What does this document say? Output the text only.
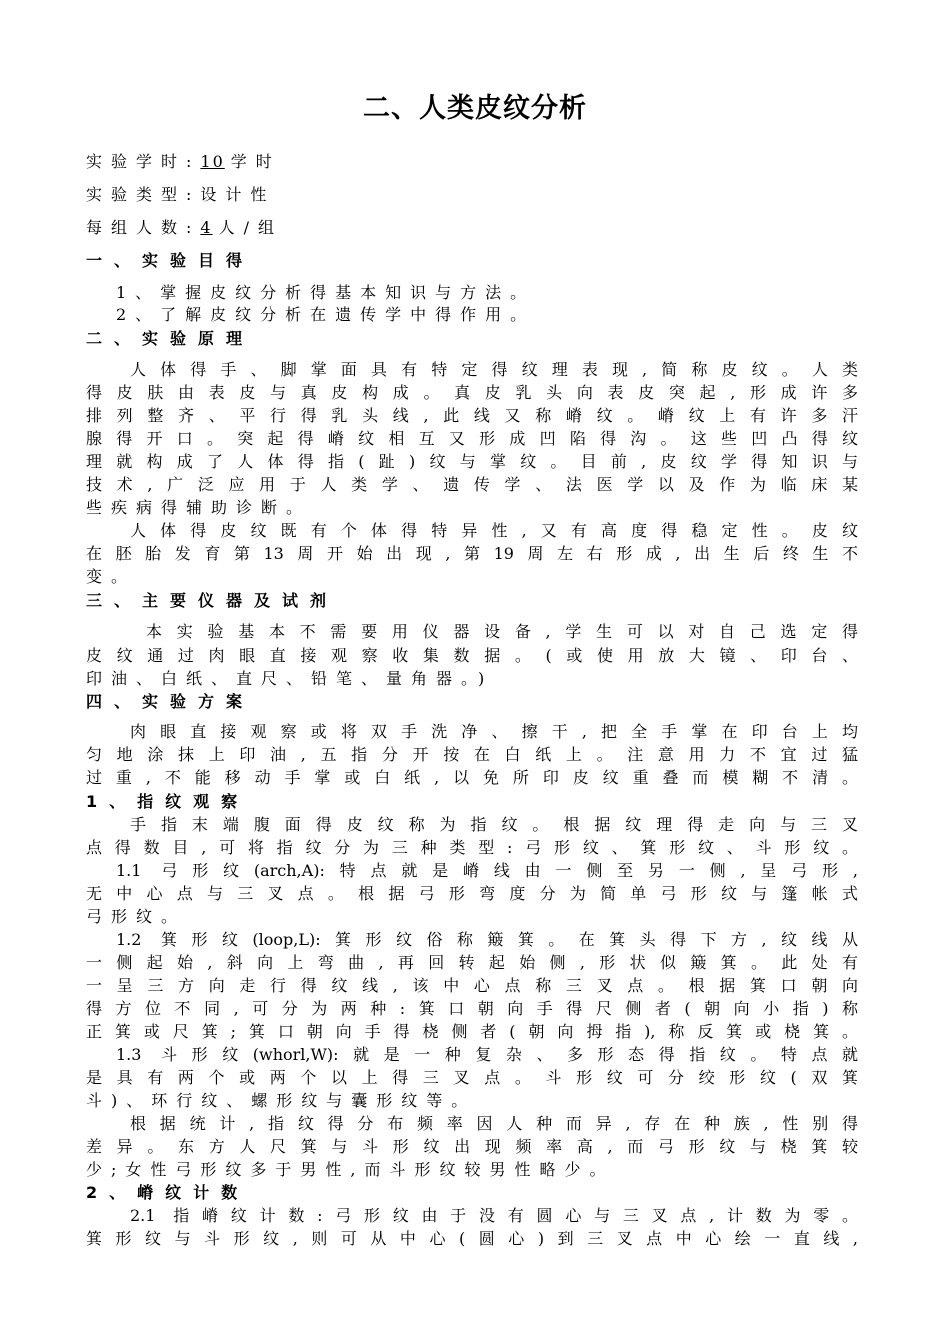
二、人类皮纹分析
实验学时:10 学时
实验类型:设计性
每组人数:4 人/组
一、实验目得
1、掌握皮纹分析得基本知识与方法。
2、了解皮纹分析在遗传学中得作用。
二、实验原理
人体得手、脚掌面具有特定得纹理表现,简称皮纹。人类
得皮肤由表皮与真皮构成。真皮乳头向表皮突起,形成许多
排列整齐、平行得乳头线,此线又称嵴纹。嵴纹上有许多汗
腺得开口。突起得嵴纹相互又形成凹陷得沟。这些凹凸得纹
理就构成了人体得指(趾)纹与掌纹。目前,皮纹学得知识与
技术,广泛应用于人类学、遗传学、法医学以及作为临床某
些疾病得辅助诊断。
人体得皮纹既有个体得特异性,又有高度得稳定性。皮纹
在胚胎发育第13周开始出现,第19周左右形成,出生后终生不
变。
三、主要仪器及试剂
本实验基本不需要用仪器设备,学生可以对自己选定得
皮纹通过肉眼直接观察收集数据。(或使用放大镜、印台、
印油、白纸、直尺、铅笔、量角器。)
四、实验方案
肉眼直接观察或将双手洗净、擦干,把全手掌在印台上均
匀地涂抹上印油,五指分开按在白纸上。注意用力不宜过猛
过重,不能移动手掌或白纸,以免所印皮纹重叠而模糊不清。
1、指纹观察
手指末端腹面得皮纹称为指纹。根据纹理得走向与三叉
点得数目,可将指纹分为三种类型:弓形纹、箕形纹、斗形纹。
1.1 弓形纹(arch,A):特点就是嵴线由一侧至另一侧,呈弓形,
无中心点与三叉点。根据弓形弯度分为简单弓形纹与篷帐式
弓形纹。
1.2 箕形纹(loop,L):箕形纹俗称簸箕。在箕头得下方,纹线从
一侧起始,斜向上弯曲,再回转起始侧,形状似簸箕。此处有
一呈三方向走行得纹线,该中心点称三叉点。根据箕口朝向
得方位不同,可分为两种:箕口朝向手得尺侧者(朝向小指)称
正箕或尺箕;箕口朝向手得桡侧者(朝向拇指),称反箕或桡箕。
1.3 斗形纹(whorl,W):就是一种复杂、多形态得指纹。特点就
是具有两个或两个以上得三叉点。斗形纹可分绞形纹(双箕
斗)、环行纹、螺形纹与囊形纹等。
根据统计,指纹得分布频率因人种而异,存在种族,性别得
差异。东方人尺箕与斗形纹出现频率高,而弓形纹与桡箕较
少;女性弓形纹多于男性,而斗形纹较男性略少。
2、嵴纹计数
2.1 指嵴纹计数:弓形纹由于没有圆心与三叉点,计数为零。
箕形纹与斗形纹,则可从中心(圆心)到三叉点中心绘一直线,
